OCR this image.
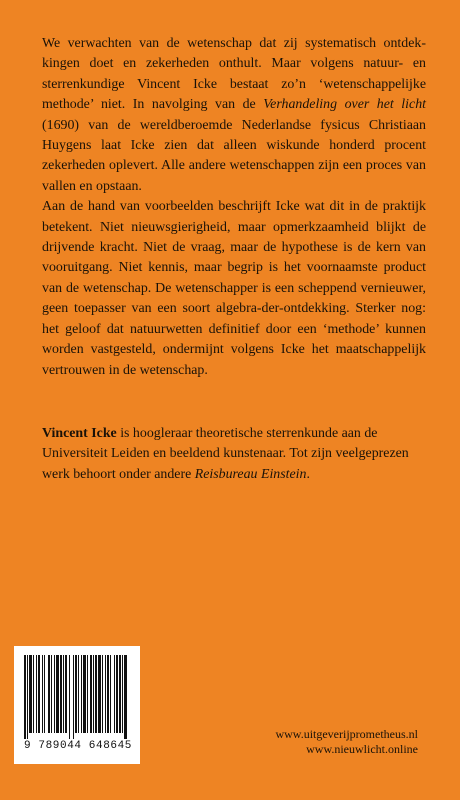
We verwachten van de wetenschap dat zij systematisch ontdekkingen doet en zekerheden onthult. Maar volgens natuur- en sterrenkundige Vincent Icke bestaat zo’n ‘wetenschappelijke methode’ niet. In navolging van de Verhandeling over het licht (1690) van de wereldberoemde Nederlandse fysicus Christiaan Huygens laat Icke zien dat alleen wiskunde honderd procent zekerheden oplevert. Alle andere wetenschappen zijn een proces van vallen en opstaan.

Aan de hand van voorbeelden beschrijft Icke wat dit in de praktijk betekent. Niet nieuwsgierigheid, maar opmerkzaamheid blijkt de drijvende kracht. Niet de vraag, maar de hypothese is de kern van vooruitgang. Niet kennis, maar begrip is het voornaamste product van de wetenschap. De wetenschapper is een scheppend vernieuwer, geen toepasser van een soort algebra-der-ontdekking. Sterker nog: het geloof dat natuurwetten definitief door een ‘methode’ kunnen worden vastgesteld, ondermijnt volgens Icke het maatschappelijk vertrouwen in de wetenschap.

Vincent Icke is hoogleraar theoretische sterrenkunde aan de Universiteit Leiden en beeldend kunstenaar. Tot zijn veelgeprezen werk behoort onder andere Reisbureau Einstein.

9 789044 648645
www.uitgeverijprometheus.nl
www.nieuwlicht.online
